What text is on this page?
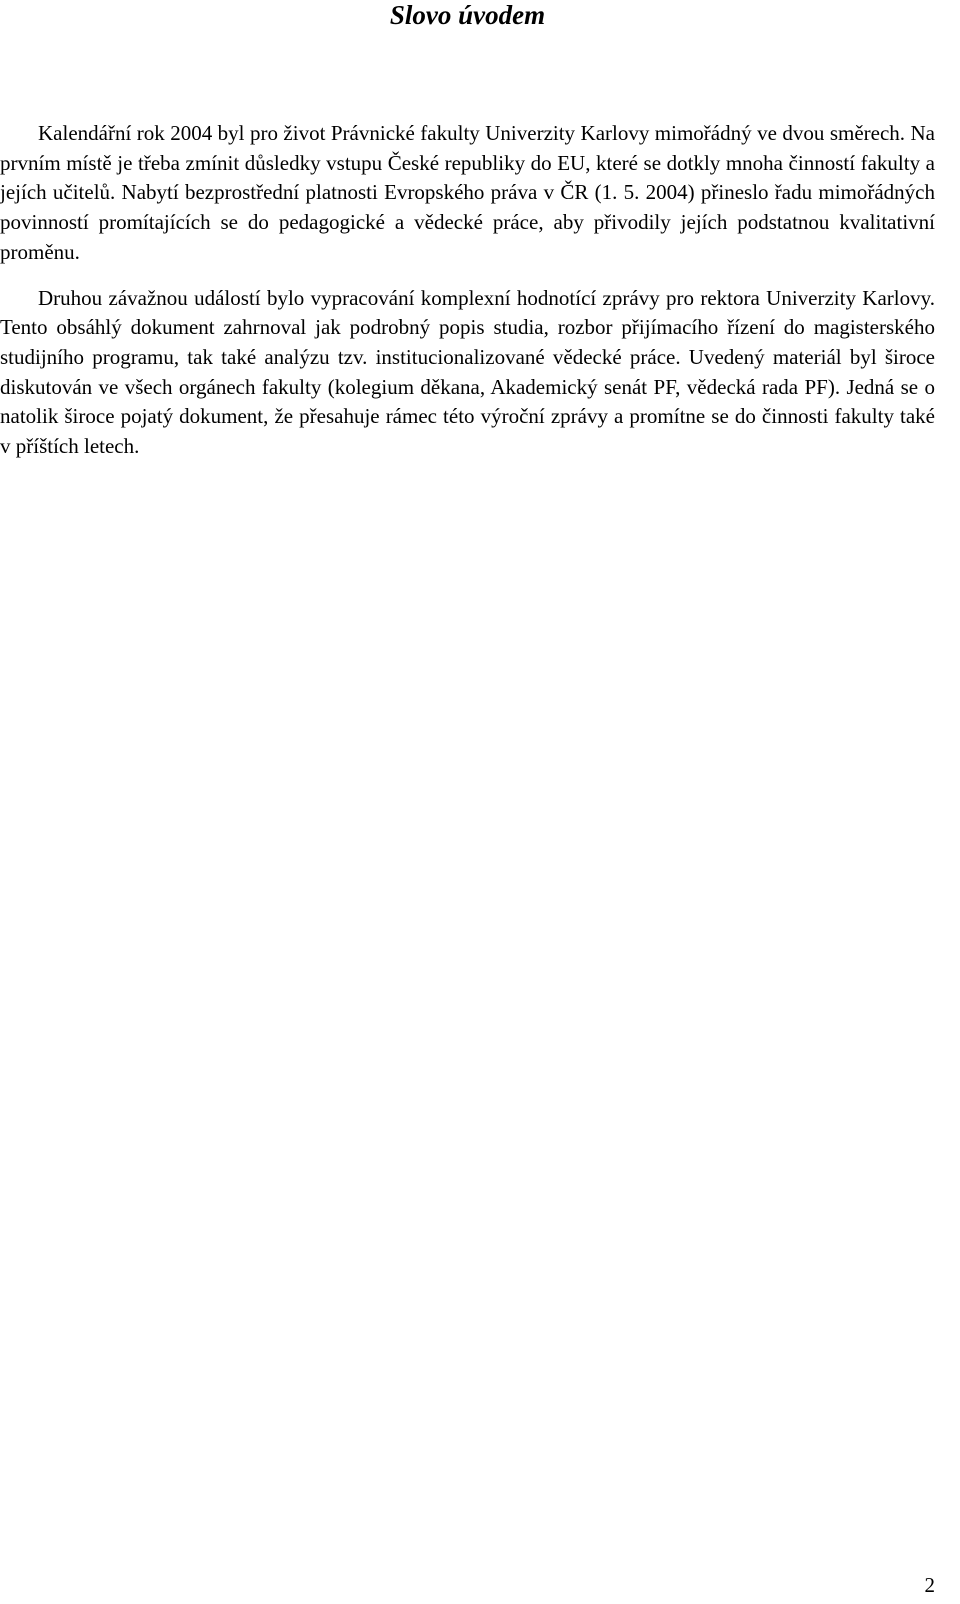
Slovo úvodem

Kalendářní rok 2004 byl pro život Právnické fakulty Univerzity Karlovy mimořádný ve dvou směrech. Na prvním místě je třeba zmínit důsledky vstupu České republiky do EU, které se dotkly mnoha činností fakulty a jejích učitelů. Nabytí bezprostřední platnosti Evropského práva v ČR (1. 5. 2004) přineslo řadu mimořádných povinností promítajících se do pedagogické a vědecké práce, aby přivodily jejích podstatnou kvalitativní proměnu.

Druhou závažnou událostí bylo vypracování komplexní hodnotící zprávy pro rektora Univerzity Karlovy. Tento obsáhlý dokument zahrnoval jak podrobný popis studia, rozbor přijímacího řízení do magisterského studijního programu, tak také analýzu tzv. institucionalizované vědecké práce. Uvedený materiál byl široce diskutován ve všech orgánech fakulty (kolegium děkana, Akademický senát PF, vědecká rada PF). Jedná se o natolik široce pojatý dokument, že přesahuje rámec této výroční zprávy a promítne se do činnosti fakulty také v příštích letech.

2
